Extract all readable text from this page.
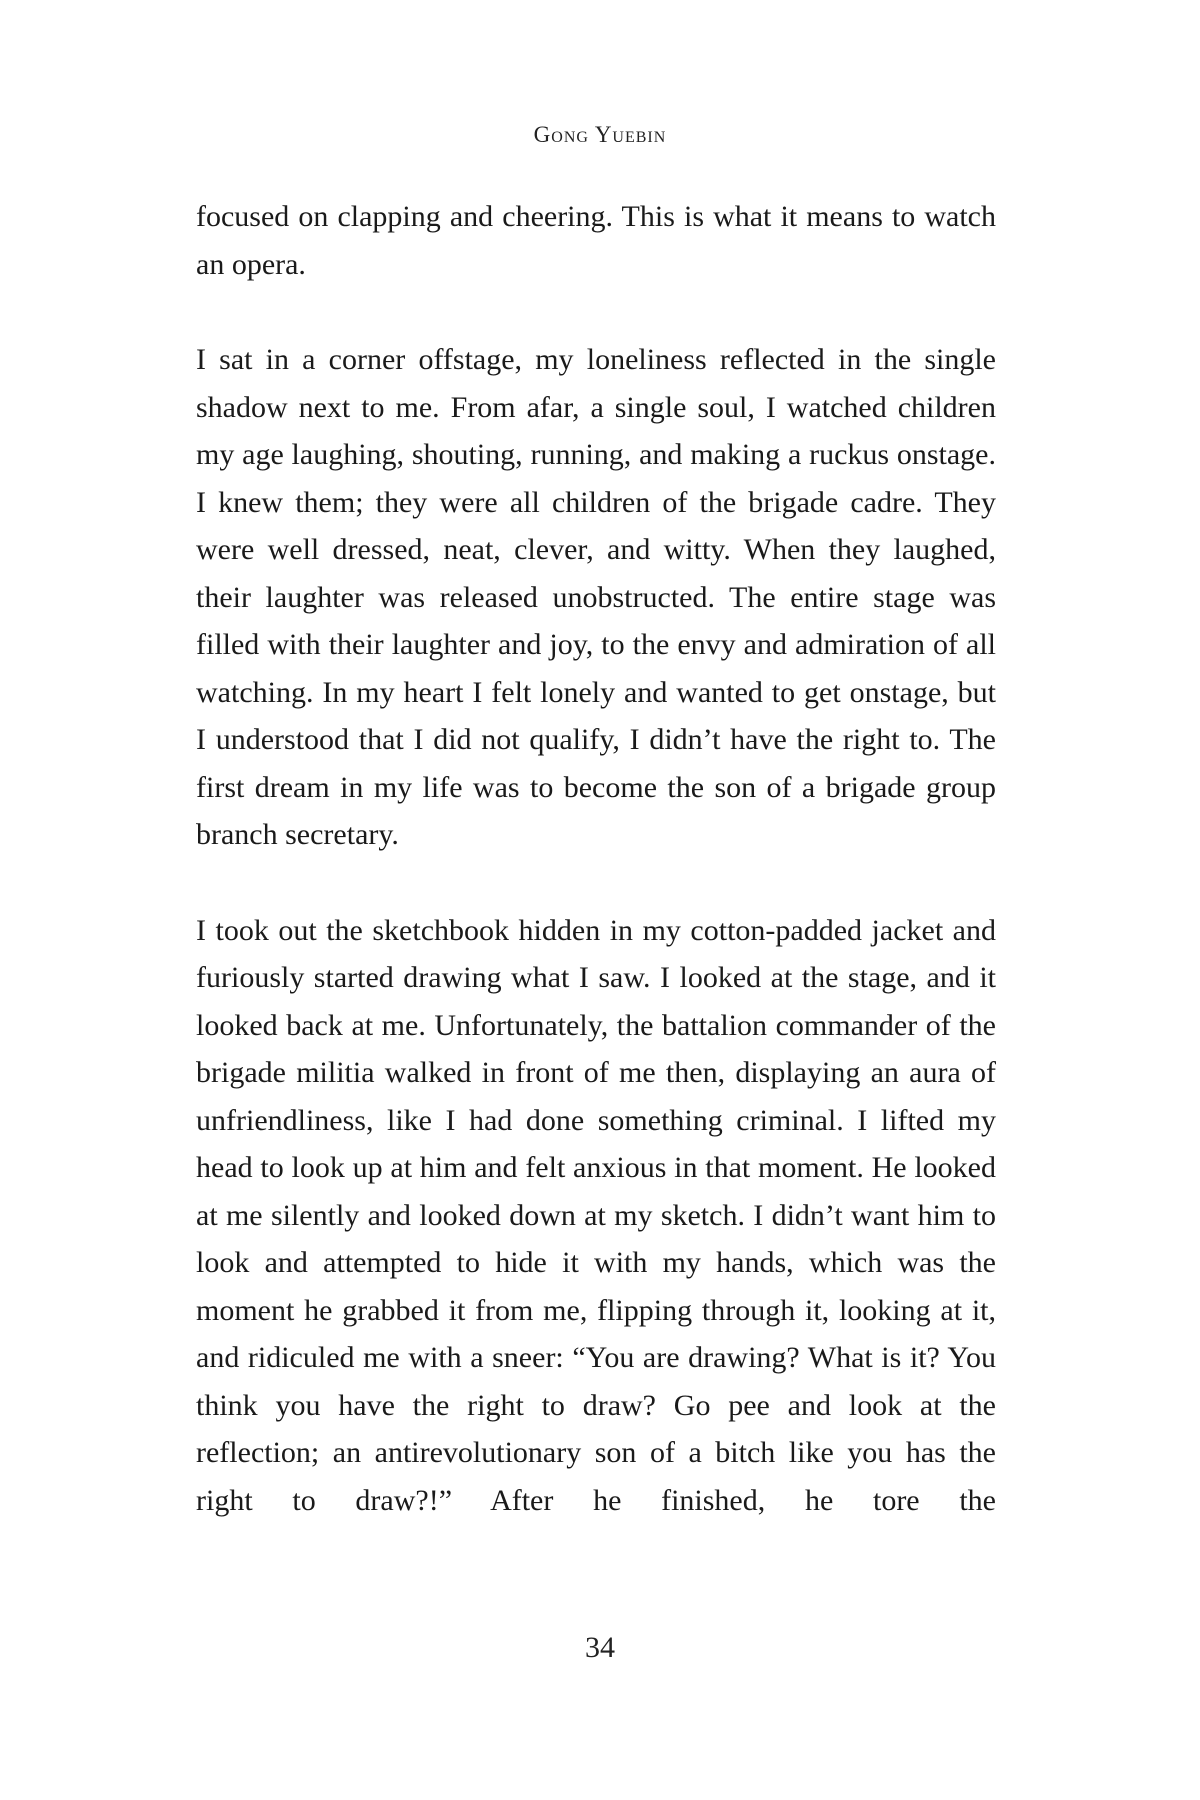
Gong Yuebin

focused on clapping and cheering. This is what it means to watch an opera.

I sat in a corner offstage, my loneliness reflected in the single shadow next to me. From afar, a single soul, I watched children my age laughing, shouting, running, and making a ruckus onstage. I knew them; they were all children of the brigade cadre. They were well dressed, neat, clever, and witty. When they laughed, their laughter was released unobstructed. The entire stage was filled with their laughter and joy, to the envy and admiration of all watching. In my heart I felt lonely and wanted to get onstage, but I understood that I did not qualify, I didn’t have the right to. The first dream in my life was to become the son of a brigade group branch secretary.

I took out the sketchbook hidden in my cotton-padded jacket and furiously started drawing what I saw. I looked at the stage, and it looked back at me. Unfortunately, the battalion commander of the brigade militia walked in front of me then, displaying an aura of unfriendliness, like I had done something criminal. I lifted my head to look up at him and felt anxious in that moment. He looked at me silently and looked down at my sketch. I didn’t want him to look and attempted to hide it with my hands, which was the moment he grabbed it from me, flipping through it, looking at it, and ridiculed me with a sneer: “You are drawing? What is it? You think you have the right to draw? Go pee and look at the reflection; an antirevolutionary son of a bitch like you has the right to draw?!” After he finished, he tore the

34
